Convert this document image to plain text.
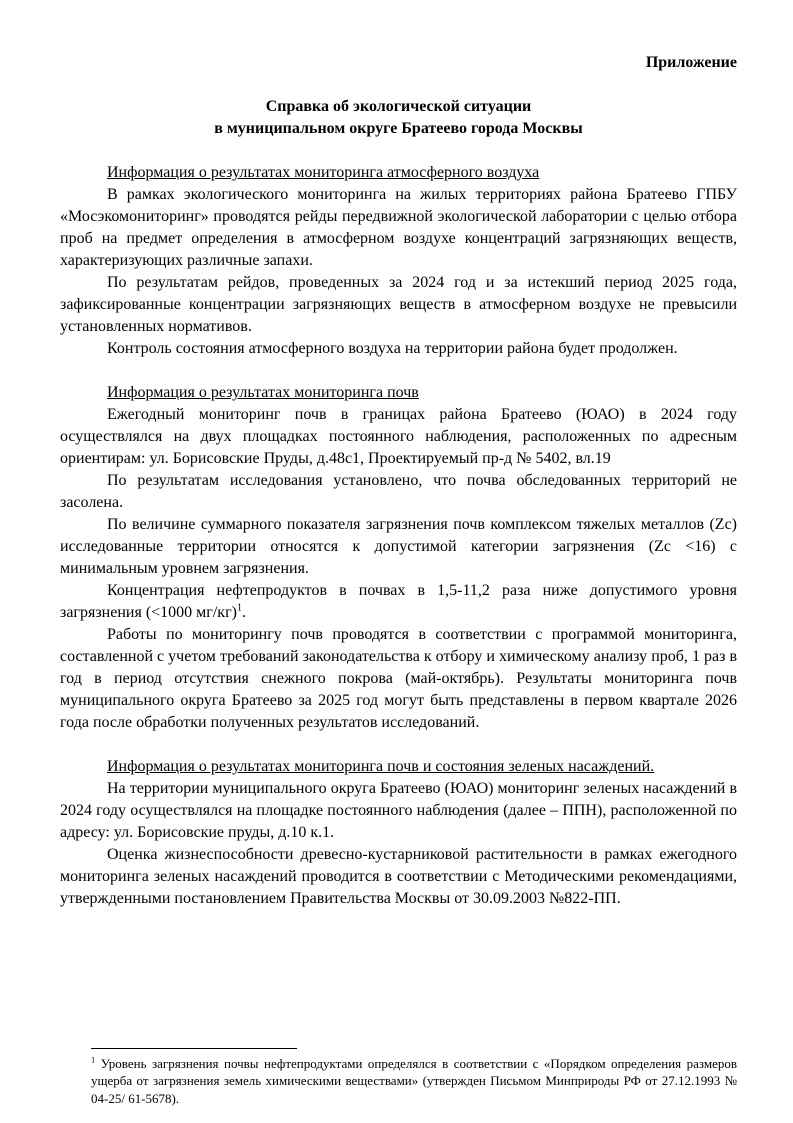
Приложение

Справка об экологической ситуации
в муниципальном округе Братеево города Москвы

Информация о результатах мониторинга атмосферного воздуха

В рамках экологического мониторинга на жилых территориях района Братеево ГПБУ «Мосэкомониторинг» проводятся рейды передвижной экологической лаборатории с целью отбора проб на предмет определения в атмосферном воздухе концентраций загрязняющих веществ, характеризующих различные запахи.

По результатам рейдов, проведенных за 2024 год и за истекший период 2025 года, зафиксированные концентрации загрязняющих веществ в атмосферном воздухе не превысили установленных нормативов.

Контроль состояния атмосферного воздуха на территории района будет продолжен.

Информация о результатах мониторинга почв

Ежегодный мониторинг почв в границах района Братеево (ЮАО) в 2024 году осуществлялся на двух площадках постоянного наблюдения, расположенных по адресным ориентирам: ул. Борисовские Пруды, д.48с1, Проектируемый пр-д № 5402, вл.19

По результатам исследования установлено, что почва обследованных территорий не засолена.

По величине суммарного показателя загрязнения почв комплексом тяжелых металлов (Zc) исследованные территории относятся к допустимой категории загрязнения (Zc <16) с минимальным уровнем загрязнения.

Концентрация нефтепродуктов в почвах в 1,5-11,2 раза ниже допустимого уровня загрязнения (<1000 мг/кг)$^1$.

Работы по мониторингу почв проводятся в соответствии с программой мониторинга, составленной с учетом требований законодательства к отбору и химическому анализу проб, 1 раз в год в период отсутствия снежного покрова (май-октябрь). Результаты мониторинга почв муниципального округа Братеево за 2025 год могут быть представлены в первом квартале 2026 года после обработки полученных результатов исследований.

Информация о результатах мониторинга почв и состояния зеленых насаждений.

На территории муниципального округа Братеево (ЮАО) мониторинг зеленых насаждений в 2024 году осуществлялся на площадке постоянного наблюдения (далее – ППН), расположенной по адресу: ул. Борисовские пруды, д.10 к.1.

Оценка жизнеспособности древесно-кустарниковой растительности в рамках ежегодного мониторинга зеленых насаждений проводится в соответствии с Методическими рекомендациями, утвержденными постановлением Правительства Москвы от 30.09.2003 №822-ПП.

$^1$ Уровень загрязнения почвы нефтепродуктами определялся в соответствии с «Порядком определения размеров ущерба от загрязнения земель химическими веществами» (утвержден Письмом Минприроды РФ от 27.12.1993 № 04-25/ 61-5678).
